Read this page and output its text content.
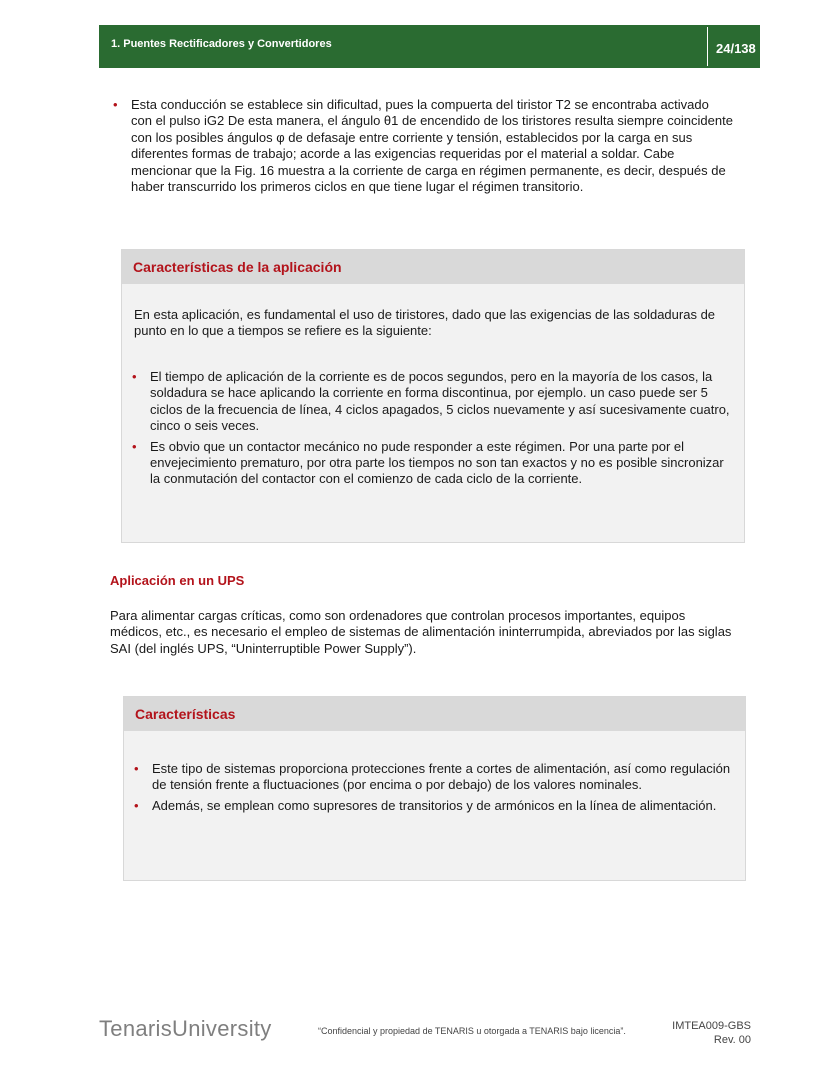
1. Puentes Rectificadores y Convertidores	24/138
• Esta conducción se establece sin dificultad, pues la compuerta del tiristor T2 se encontraba activado con el pulso iG2 De esta manera, el ángulo θ1 de encendido de los tiristores resulta siempre coincidente con los posibles ángulos φ de defasaje entre corriente y tensión, establecidos por la carga en sus diferentes formas de trabajo; acorde a las exigencias requeridas por el material a soldar. Cabe mencionar que la Fig. 16 muestra a la corriente de carga en régimen permanente, es decir, después de haber transcurrido los primeros ciclos en que tiene lugar el régimen transitorio.
Características de la aplicación
En esta aplicación, es fundamental el uso de tiristores, dado que las exigencias de las soldaduras de punto en lo que a tiempos se refiere es la siguiente:
• El tiempo de aplicación de la corriente es de pocos segundos, pero en la mayoría de los casos, la soldadura se hace aplicando la corriente en forma discontinua, por ejemplo. un caso puede ser 5 ciclos de la frecuencia de línea, 4 ciclos apagados, 5 ciclos nuevamente y así sucesivamente cuatro, cinco o seis veces.
• Es obvio que un contactor mecánico no pude responder a este régimen. Por una parte por el envejecimiento prematuro, por otra parte los tiempos no son tan exactos y no es posible sincronizar la conmutación del contactor con el comienzo de cada ciclo de la corriente.
Aplicación en un UPS
Para alimentar cargas críticas, como son ordenadores que controlan procesos importantes, equipos médicos, etc., es necesario el empleo de sistemas de alimentación ininterrumpida, abreviados por las siglas SAI (del inglés UPS, “Uninterruptible Power Supply”).
Características
• Este tipo de sistemas proporciona protecciones frente a cortes de alimentación, así como regulación de tensión frente a fluctuaciones (por encima o por debajo) de los valores nominales.
• Además, se emplean como supresores de transitorios y de armónicos en la línea de alimentación.
TenarisUniversity	“Confidencial y propiedad de TENARIS u otorgada a TENARIS bajo licencia”.	IMTEA009-GBS
Rev. 00
